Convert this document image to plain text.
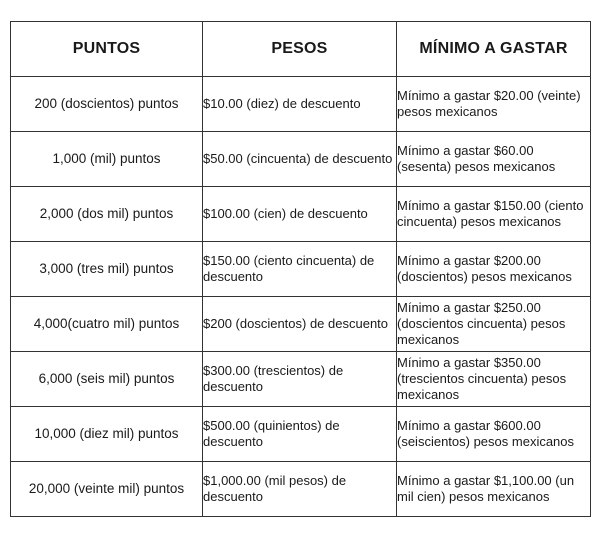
PUNTOS	PESOS	MÍNIMO A GASTAR
200 (doscientos) puntos	$10.00 (diez) de descuento	Mínimo a gastar $20.00 (veinte) pesos mexicanos
1,000 (mil) puntos	$50.00 (cincuenta) de descuento	Mínimo a gastar $60.00 (sesenta) pesos mexicanos
2,000 (dos mil) puntos	$100.00 (cien) de descuento	Mínimo a gastar $150.00 (ciento cincuenta) pesos mexicanos
3,000 (tres mil) puntos	$150.00 (ciento cincuenta) de descuento	Mínimo a gastar $200.00 (doscientos) pesos mexicanos
4,000(cuatro mil) puntos	$200 (doscientos) de descuento	Mínimo a gastar $250.00 (doscientos cincuenta) pesos mexicanos
6,000 (seis mil) puntos	$300.00 (trescientos) de descuento	Mínimo a gastar $350.00 (trescientos cincuenta) pesos mexicanos
10,000 (diez mil) puntos	$500.00 (quinientos) de descuento	Mínimo a gastar $600.00 (seiscientos) pesos mexicanos
20,000 (veinte mil) puntos	$1,000.00 (mil pesos) de descuento	Mínimo a gastar $1,100.00 (un mil cien) pesos mexicanos
